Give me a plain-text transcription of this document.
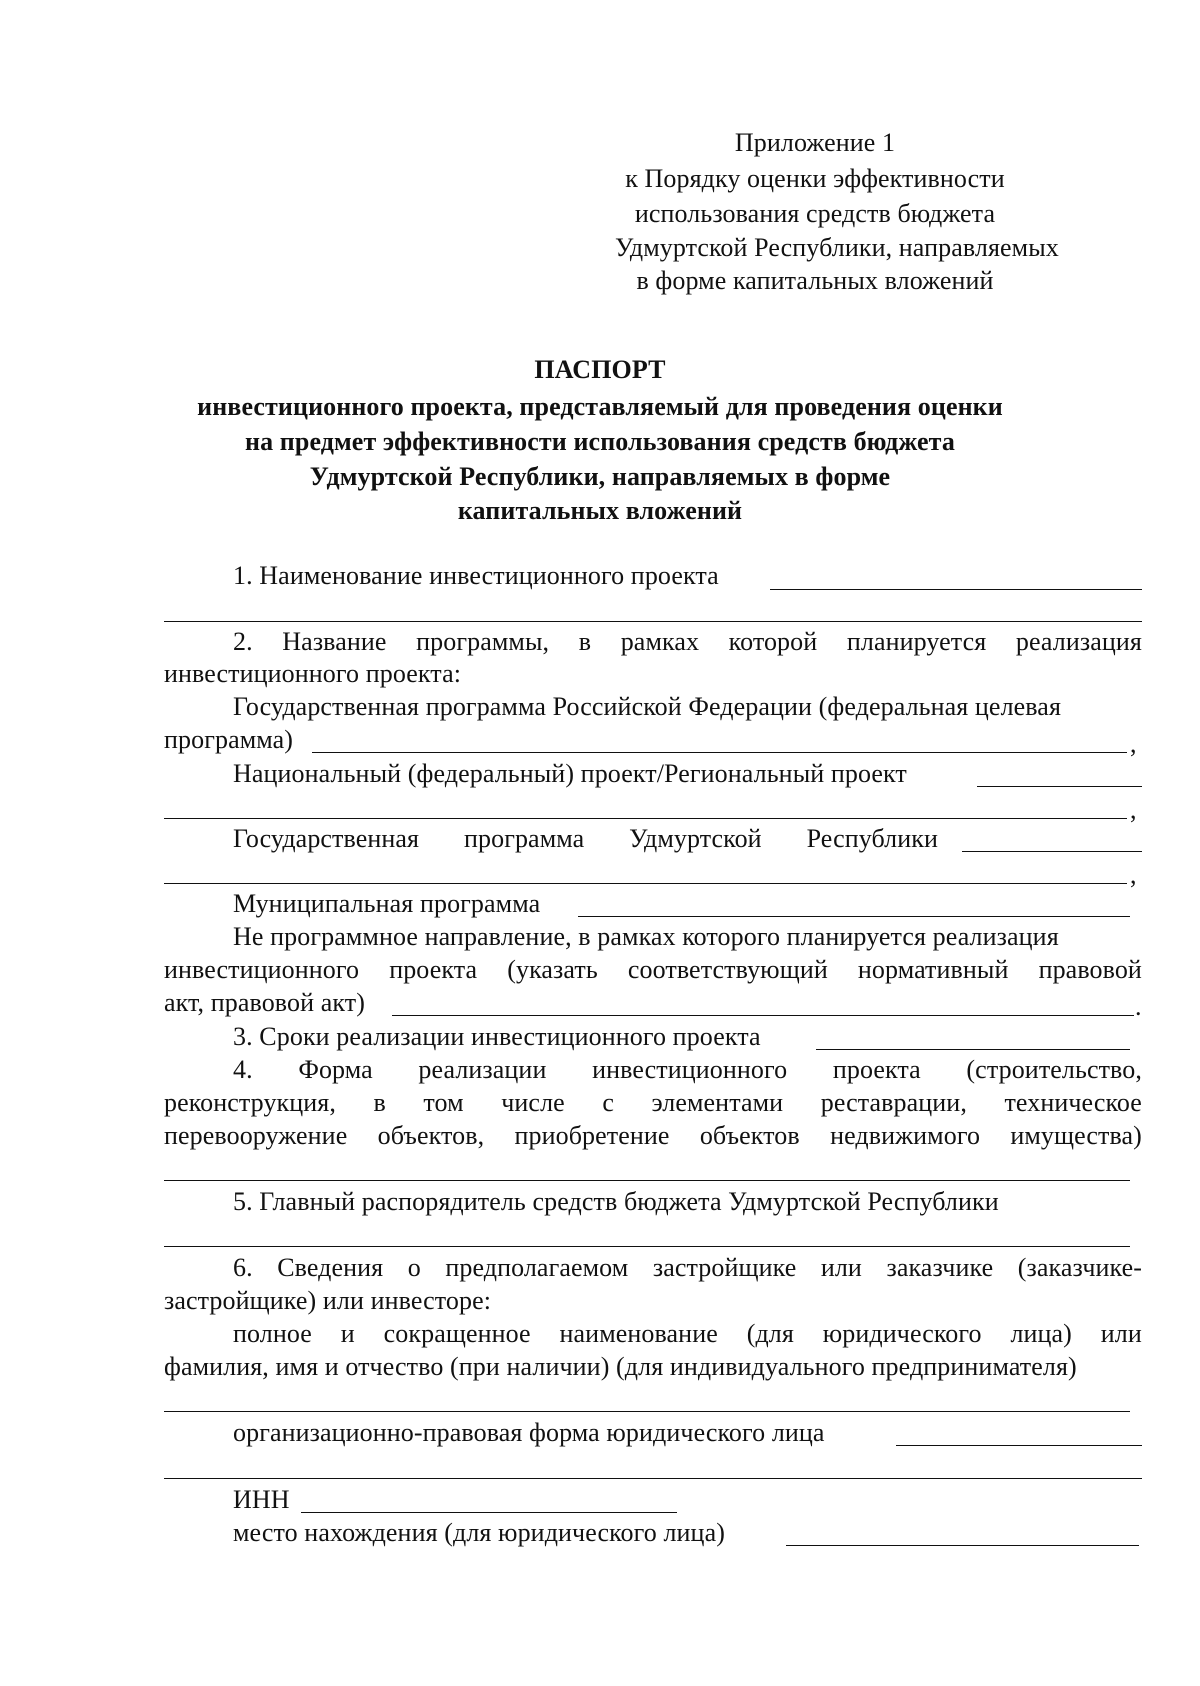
Приложение 1
к Порядку оценки эффективности
использования средств бюджета
Удмуртской Республики, направляемых
в форме капитальных вложений
ПАСПОРТ
инвестиционного проекта, представляемый для проведения оценки
на предмет эффективности использования средств бюджета
Удмуртской Республики, направляемых в форме
капитальных вложений
1. Наименование инвестиционного проекта
2. Название программы, в рамках которой планируется реализация
инвестиционного проекта:
Государственная программа Российской Федерации (федеральная целевая
программа)	,
Национальный (федеральный) проект/Региональный проект
,
Государственная программа Удмуртской Республики
,
Муниципальная программа
Не программное направление, в рамках которого планируется реализация
инвестиционного проекта (указать соответствующий нормативный правовой
акт, правовой акт)	.
3. Сроки реализации инвестиционного проекта
4. Форма реализации инвестиционного проекта (строительство,
реконструкция, в том числе с элементами реставрации, техническое
перевооружение объектов, приобретение объектов недвижимого имущества)
5. Главный распорядитель средств бюджета Удмуртской Республики
6. Сведения о предполагаемом застройщике или заказчике (заказчике-
застройщике) или инвесторе:
полное и сокращенное наименование (для юридического лица) или
фамилия, имя и отчество (при наличии) (для индивидуального предпринимателя)
организационно-правовая форма юридического лица
ИНН
место нахождения (для юридического лица)
